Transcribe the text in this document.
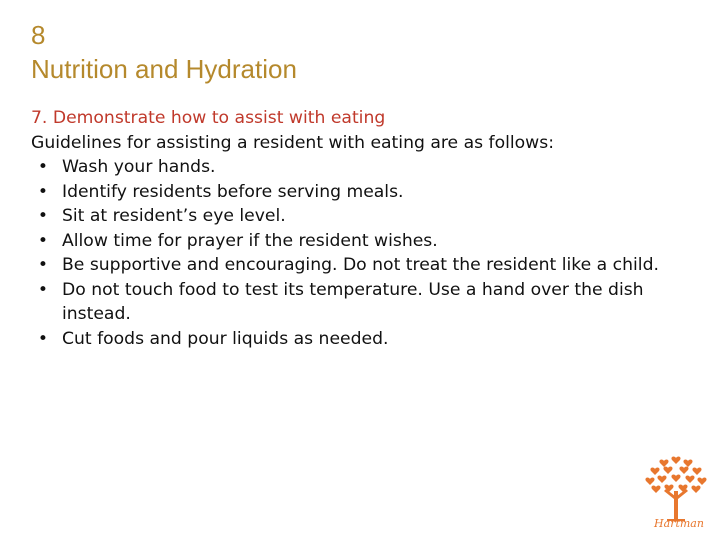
8
Nutrition and Hydration
7. Demonstrate how to assist with eating
Guidelines for assisting a resident with eating are as follows:
• Wash your hands.
• Identify residents before serving meals.
• Sit at resident’s eye level.
• Allow time for prayer if the resident wishes.
• Be supportive and encouraging. Do not treat the resident like a child.
• Do not touch food to test its temperature. Use a hand over the dish instead.
• Cut foods and pour liquids as needed.
Hartman
